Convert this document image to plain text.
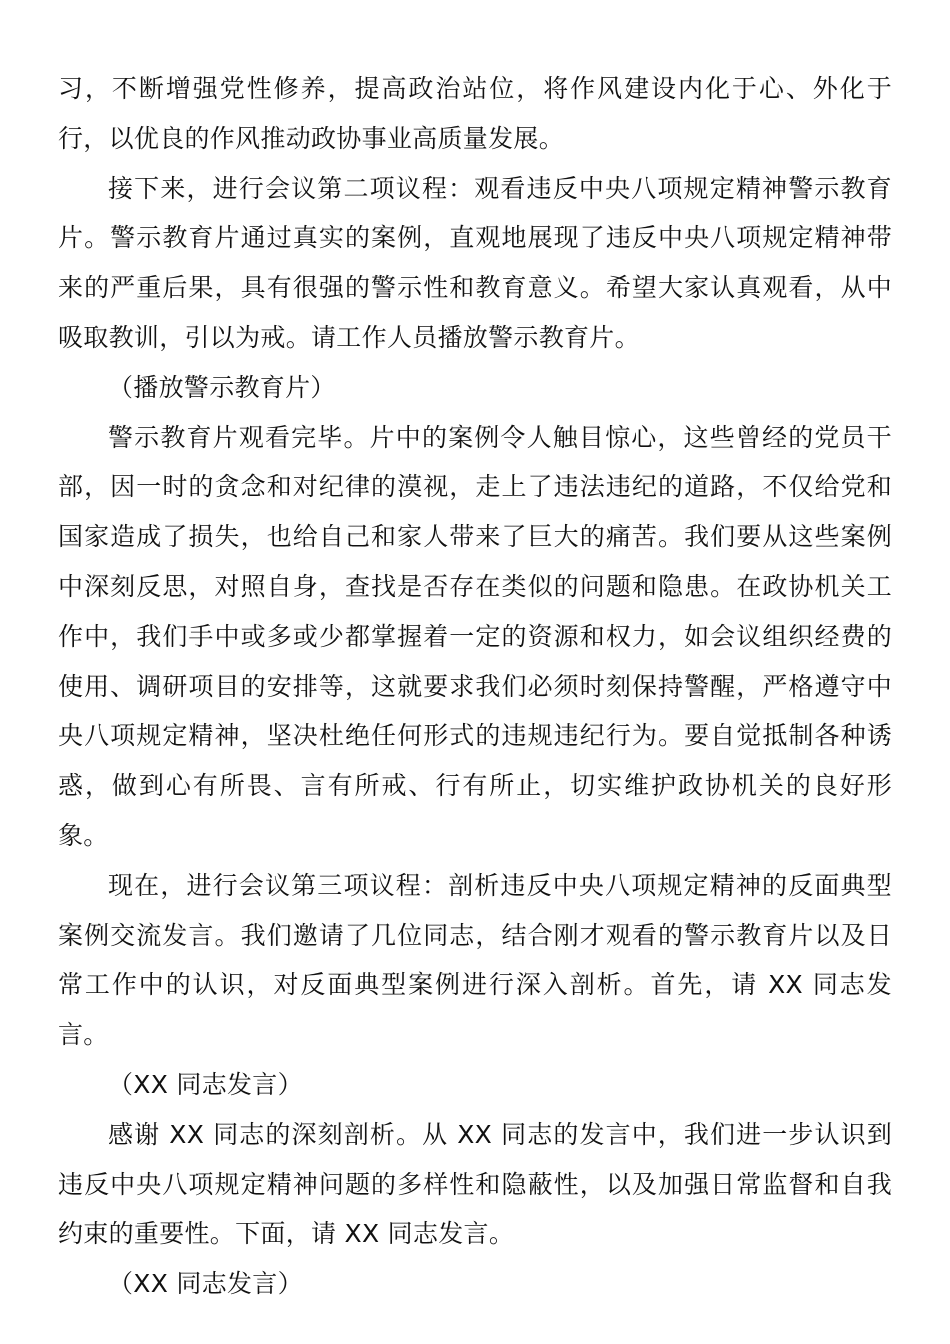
习，不断增强党性修养，提高政治站位，将作风建设内化于心、外化于行，以优良的作风推动政协事业高质量发展。

接下来，进行会议第二项议程：观看违反中央八项规定精神警示教育片。警示教育片通过真实的案例，直观地展现了违反中央八项规定精神带来的严重后果，具有很强的警示性和教育意义。希望大家认真观看，从中吸取教训，引以为戒。请工作人员播放警示教育片。

（播放警示教育片）

警示教育片观看完毕。片中的案例令人触目惊心，这些曾经的党员干部，因一时的贪念和对纪律的漠视，走上了违法违纪的道路，不仅给党和国家造成了损失，也给自己和家人带来了巨大的痛苦。我们要从这些案例中深刻反思，对照自身，查找是否存在类似的问题和隐患。在政协机关工作中，我们手中或多或少都掌握着一定的资源和权力，如会议组织经费的使用、调研项目的安排等，这就要求我们必须时刻保持警醒，严格遵守中央八项规定精神，坚决杜绝任何形式的违规违纪行为。要自觉抵制各种诱惑，做到心有所畏、言有所戒、行有所止，切实维护政协机关的良好形象。

现在，进行会议第三项议程：剖析违反中央八项规定精神的反面典型案例交流发言。我们邀请了几位同志，结合刚才观看的警示教育片以及日常工作中的认识，对反面典型案例进行深入剖析。首先，请 XX 同志发言。

（XX 同志发言）

感谢 XX 同志的深刻剖析。从 XX 同志的发言中，我们进一步认识到违反中央八项规定精神问题的多样性和隐蔽性，以及加强日常监督和自我约束的重要性。下面，请 XX 同志发言。

（XX 同志发言）
